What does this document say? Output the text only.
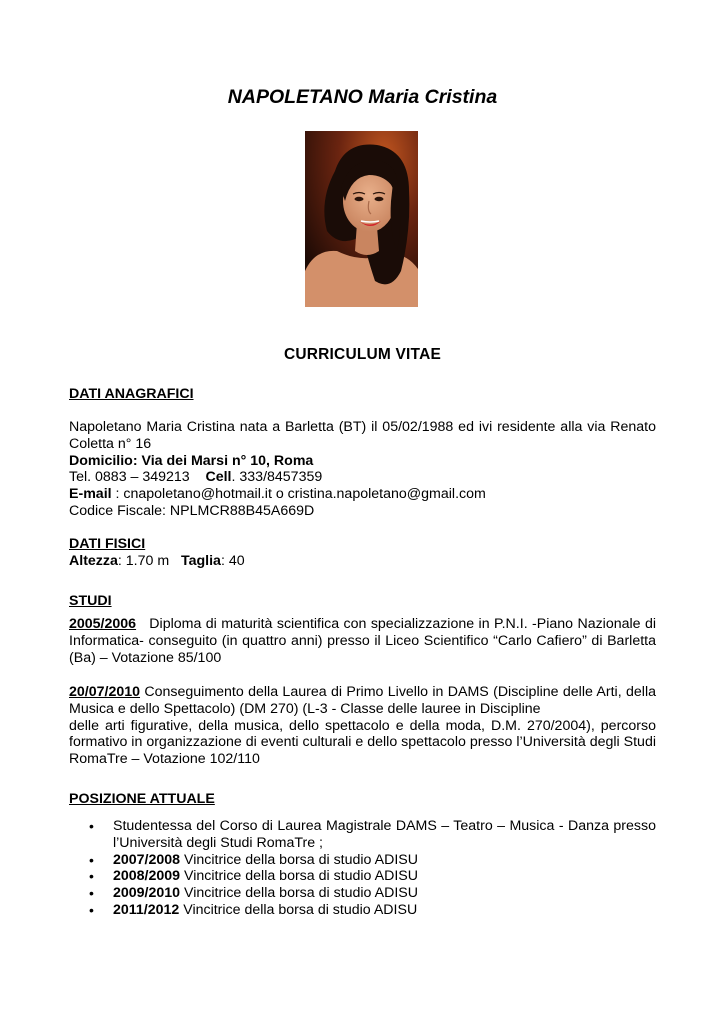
NAPOLETANO Maria Cristina
CURRICULUM VITAE
DATI ANAGRAFICI
Napoletano Maria Cristina nata a Barletta (BT) il 05/02/1988 ed ivi residente alla via Renato Coletta n° 16
Domicilio: Via dei Marsi n° 10, Roma
Tel. 0883 – 349213 Cell. 333/8457359
E-mail : cnapoletano@hotmail.it o cristina.napoletano@gmail.com
Codice Fiscale: NPLMCR88B45A669D
DATI FISICI
Altezza: 1.70 m Taglia: 40
STUDI
2005/2006 Diploma di maturità scientifica con specializzazione in P.N.I. -Piano Nazionale di Informatica- conseguito (in quattro anni) presso il Liceo Scientifico “Carlo Cafiero” di Barletta (Ba) – Votazione 85/100
20/07/2010 Conseguimento della Laurea di Primo Livello in DAMS (Discipline delle Arti, della Musica e dello Spettacolo) (DM 270) (L-3 - Classe delle lauree in Discipline
delle arti figurative, della musica, dello spettacolo e della moda, D.M. 270/2004), percorso formativo in organizzazione di eventi culturali e dello spettacolo presso l’Università degli Studi RomaTre – Votazione 102/110
POSIZIONE ATTUALE
• Studentessa del Corso di Laurea Magistrale DAMS – Teatro – Musica - Danza presso l’Università degli Studi RomaTre ;
• 2007/2008 Vincitrice della borsa di studio ADISU
• 2008/2009 Vincitrice della borsa di studio ADISU
• 2009/2010 Vincitrice della borsa di studio ADISU
• 2011/2012 Vincitrice della borsa di studio ADISU
